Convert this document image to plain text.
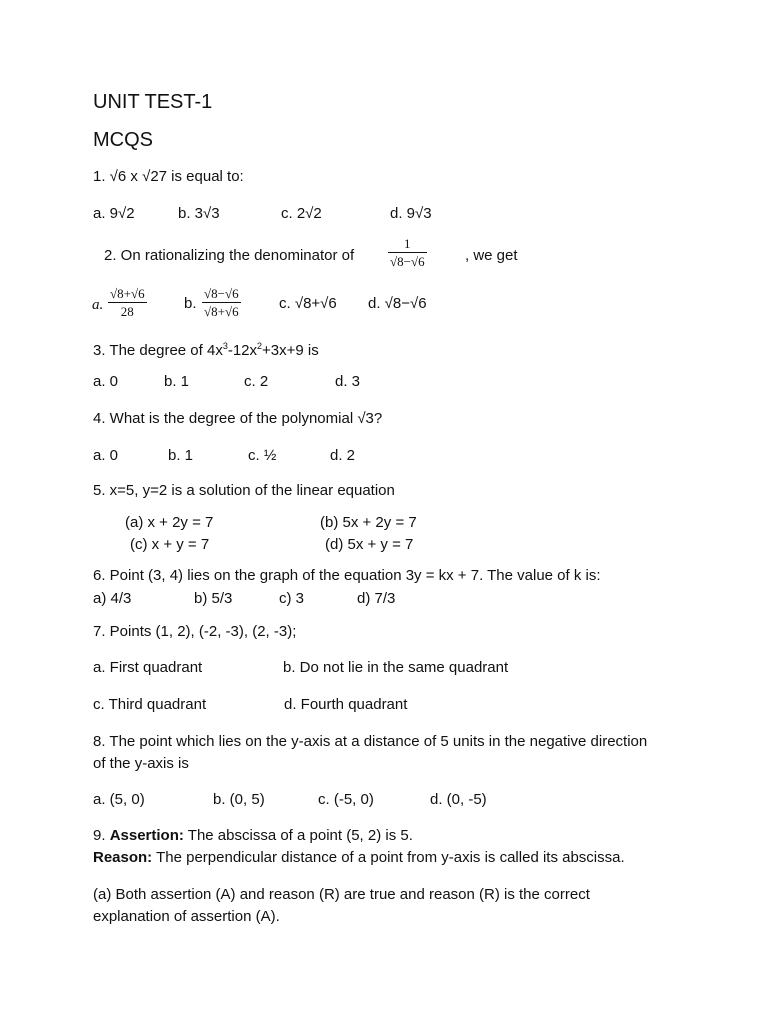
UNIT TEST-1
MCQS
1. √6 x √27 is equal to:
a. 9√2	b. 3√3	c. 2√2	d. 9√3
2. On rationalizing the denominator of	$\frac{1}{√8-√6}$	, we get
a. $\frac{√8+√6}{28} b$. $\frac{√8-√6}{√8+√6}$	c. √8+√6 d. √8−√6
3. The degree of $4x^3-12x^2+3x+9$ is
a. 0	b. 1	c. 2	d. 3
4. What is the degree of the polynomial √3?
a. 0	b. 1	c. ½	d. 2
5. x=5, y=2 is a solution of the linear equation
(a) x + 2y = 7	(b) 5x + 2y = 7
(c) x + y = 7	(d) 5x + y = 7
6. Point (3, 4) lies on the graph of the equation 3y = kx + 7. The value of k is:
a) 4/3	b) 5/3	c) 3	d) 7/3
7. Points (1, 2), (-2, -3), (2, -3);
a. First quadrant	b. Do not lie in the same quadrant
c. Third quadrant	d. Fourth quadrant
8. The point which lies on the y-axis at a distance of 5 units in the negative direction of the y-axis is
a. (5, 0)	b. (0, 5)	c. (-5, 0)	d. (0, -5)
9. Assertion: The abscissa of a point (5, 2) is 5.
Reason: The perpendicular distance of a point from y-axis is called its abscissa.
(a) Both assertion (A) and reason (R) are true and reason (R) is the correct explanation of assertion (A).
